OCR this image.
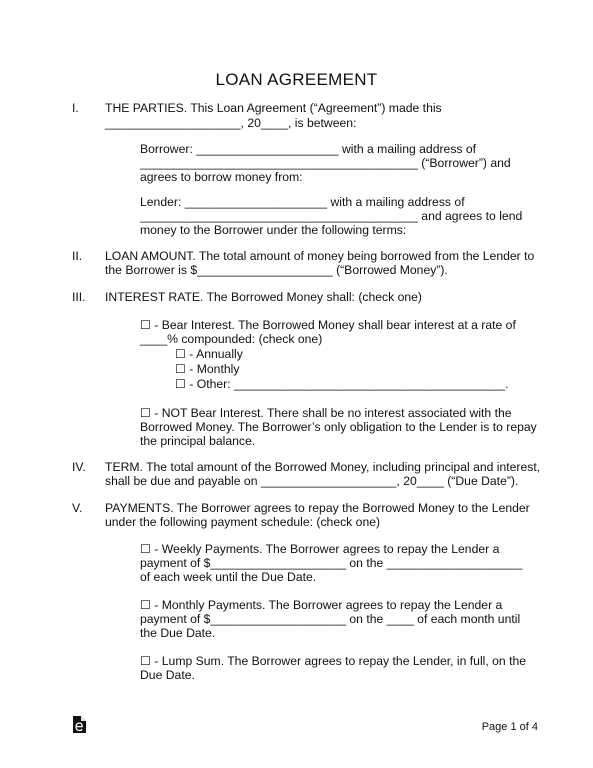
LOAN AGREEMENT
I. THE PARTIES. This Loan Agreement (“Agreement”) made this
____________________, 20____, is between:
Borrower: _____________________ with a mailing address of
_________________________________________ (“Borrower”) and
agrees to borrow money from:
Lender: _____________________ with a mailing address of
_________________________________________ and agrees to lend
money to the Borrower under the following terms:
II. LOAN AMOUNT. The total amount of money being borrowed from the Lender to
the Borrower is $____________________ (“Borrowed Money”).
III. INTEREST RATE. The Borrowed Money shall: (check one)
☐ - Bear Interest. The Borrowed Money shall bear interest at a rate of
____% compounded: (check one)
☐ - Annually
☐ - Monthly
☐ - Other: ________________________________________.
☐ - NOT Bear Interest. There shall be no interest associated with the
Borrowed Money. The Borrower’s only obligation to the Lender is to repay
the principal balance.
IV. TERM. The total amount of the Borrowed Money, including principal and interest,
shall be due and payable on ____________________, 20____ (“Due Date”).
V. PAYMENTS. The Borrower agrees to repay the Borrowed Money to the Lender
under the following payment schedule: (check one)
☐ - Weekly Payments. The Borrower agrees to repay the Lender a
payment of $____________________ on the ____________________
of each week until the Due Date.
☐ - Monthly Payments. The Borrower agrees to repay the Lender a
payment of $____________________ on the ____ of each month until
the Due Date.
☐ - Lump Sum. The Borrower agrees to repay the Lender, in full, on the
Due Date.
Page 1 of 4
